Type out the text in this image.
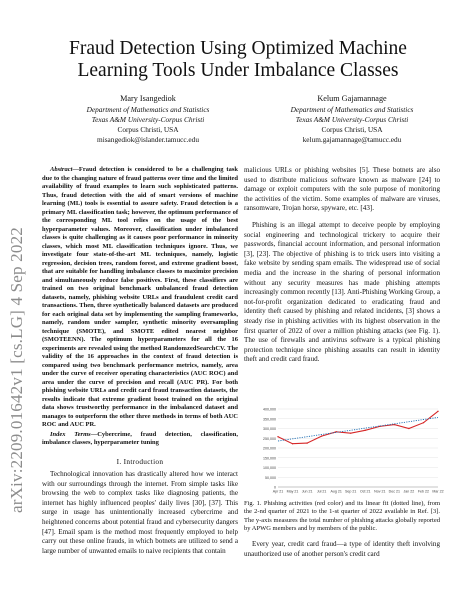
arXiv:2209.01642v1 [cs.LG] 4 Sep 2022
Fraud Detection Using Optimized Machine
Learning Tools Under Imbalance Classes
Mary Isangediok
Department of Mathematics and Statistics
Texas A&M University-Corpus Christi
Corpus Christi, USA
misangediok@islander.tamucc.edu
Kelum Gajamannage
Department of Mathematics and Statistics
Texas A&M University-Corpus Christi
Corpus Christi, USA
kelum.gajamannage@tamucc.edu

Abstract—Fraud detection is considered to be a challenging task due to the changing nature of fraud patterns over time and the limited availability of fraud examples to learn such sophisticated patterns. Thus, fraud detection with the aid of smart versions of machine learning (ML) tools is essential to assure safety. Fraud detection is a primary ML classification task; however, the optimum performance of the corresponding ML tool relies on the usage of the best hyperparameter values. Moreover, classification under imbalanced classes is quite challenging as it causes poor performance in minority classes, which most ML classification techniques ignore. Thus, we investigate four state-of-the-art ML techniques, namely, logistic regression, decision trees, random forest, and extreme gradient boost, that are suitable for handling imbalance classes to maximize precision and simultaneously reduce false positives. First, these classifiers are trained on two original benchmark unbalanced fraud detection datasets, namely, phishing website URLs and fraudulent credit card transactions. Then, three synthetically balanced datasets are produced for each original data set by implementing the sampling frameworks, namely, random under sampler, synthetic minority oversampling technique (SMOTE), and SMOTE edited nearest neighbor (SMOTEENN). The optimum hyperparameters for all the 16 experiments are revealed using the method RandomzedSearchCV. The validity of the 16 approaches in the context of fraud detection is compared using two benchmark performance metrics, namely, area under the curve of receiver operating characteristics (AUC ROC) and area under the curve of precision and recall (AUC PR). For both phishing website URLs and credit card fraud transaction datasets, the results indicate that extreme gradient boost trained on the original data shows trustworthy performance in the imbalanced dataset and manages to outperform the other three methods in terms of both AUC ROC and AUC PR.

Index Terms—Cybercrime, fraud detection, classification, imbalance classes, hyperparameter tuning

I. Introduction

Technological innovation has drastically altered how we interact with our surroundings through the internet. From simple tasks like browsing the web to complex tasks like diagnosing patients, the internet has highly influenced peoples' daily lives [30], [37]. This surge in usage has unintentionally increased cybercrime and heightened concerns about potential fraud and cybersecurity dangers [47]. Email spam is the method most frequently employed to help carry out these online frauds, in which botnets are utilized to send a large number of unwanted emails to naive recipients that contain

malicious URLs or phishing websites [5]. These botnets are also used to distribute malicious software known as malware [24] to damage or exploit computers with the sole purpose of monitoring the activities of the victim. Some examples of malware are viruses, ransomware, Trojan horse, spyware, etc. [43].

Phishing is an illegal attempt to deceive people by employing social engineering and technological trickery to acquire their passwords, financial account information, and personal information [3], [23]. The objective of phishing is to trick users into visiting a fake website by sending spam emails. The widespread use of social media and the increase in the sharing of personal information without any security measures has made phishing attempts increasingly common recently [13]. Anti-Phishing Working Group, a not-for-profit organization dedicated to eradicating fraud and identity theft caused by phishing and related incidents, [3] shows a steady rise in phishing activities with its highest observation in the first quarter of 2022 of over a million phishing attacks (see Fig. 1). The use of firewalls and antivirus software is a typical phishing protection technique since phishing assaults can result in identity theft and credit card fraud.

0
50,000
100,000
150,000
200,000
250,000
300,000
350,000
400,000
Apr 21 May 21 Jun 21 Jul 21 Aug 21 Sep 21 Oct 21 Nov 21 Dec 21 Jan 22 Feb 22 Mar 22
Fig. 1. Phishing activities (red color) and its linear fit (dotted line), from the 2-nd quarter of 2021 to the 1-st quarter of 2022 available in Ref. [3]. The y-axis measures the total number of phishing attacks globally reported by APWG members and by members of the public.

Every year, credit card fraud—a type of identity theft involving unauthorized use of another person's credit card
